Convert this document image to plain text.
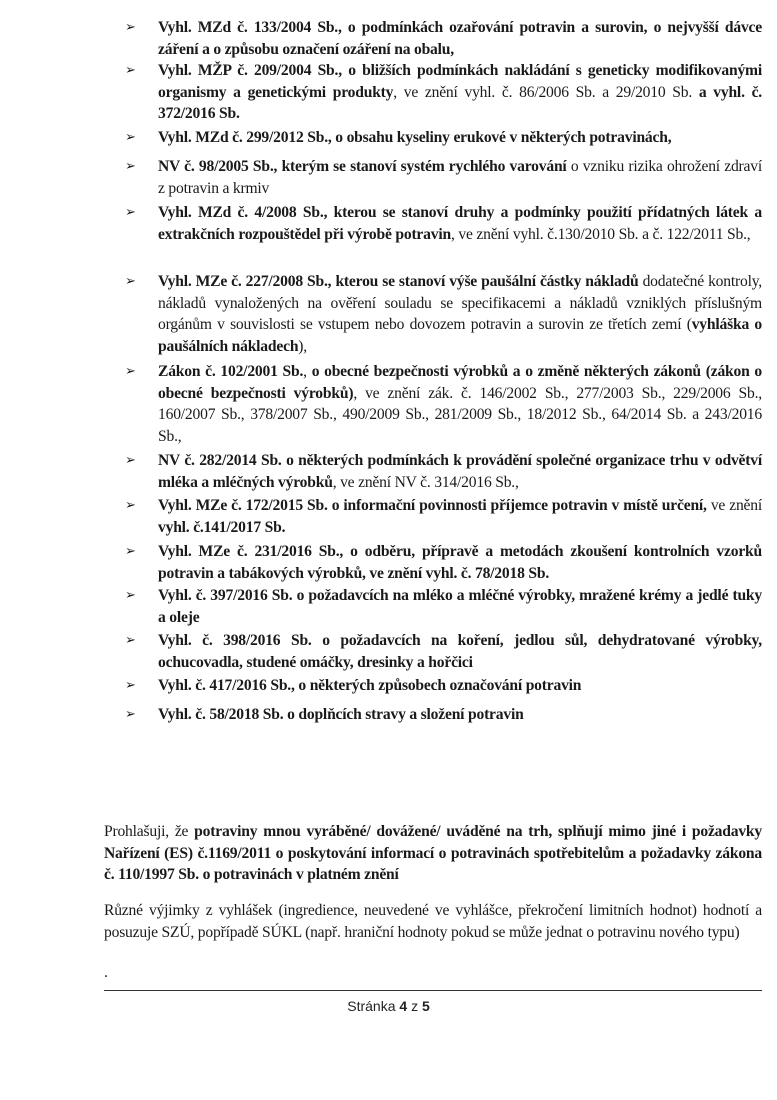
➢ Vyhl. MZd č. 133/2004 Sb., o podmínkách ozařování potravin a surovin, o nejvyšší dávce záření a o způsobu označení ozáření na obalu,
➢ Vyhl. MŽP č. 209/2004 Sb., o bližších podmínkách nakládání s geneticky modifikovanými organismy a genetickými produkty, ve znění vyhl. č. 86/2006 Sb. a 29/2010 Sb. a vyhl. č. 372/2016 Sb.
➢ Vyhl. MZd č. 299/2012 Sb., o obsahu kyseliny erukové v některých potravinách,
➢ NV č. 98/2005 Sb., kterým se stanoví systém rychlého varování o vzniku rizika ohrožení zdraví z potravin a krmiv
➢ Vyhl. MZd č. 4/2008 Sb., kterou se stanoví druhy a podmínky použití přídatných látek a extrakčních rozpouštědel při výrobě potravin, ve znění vyhl. č.130/2010 Sb. a č. 122/2011 Sb.,
➢ Vyhl. MZe č. 227/2008 Sb., kterou se stanoví výše paušální částky nákladů dodatečné kontroly, nákladů vynaložených na ověření souladu se specifikacemi a nákladů vzniklých příslušným orgánům v souvislosti se vstupem nebo dovozem potravin a surovin ze třetích zemí (vyhláška o paušálních nákladech),
➢ Zákon č. 102/2001 Sb., o obecné bezpečnosti výrobků a o změně některých zákonů (zákon o obecné bezpečnosti výrobků), ve znění zák. č. 146/2002 Sb., 277/2003 Sb., 229/2006 Sb., 160/2007 Sb., 378/2007 Sb., 490/2009 Sb., 281/2009 Sb., 18/2012 Sb., 64/2014 Sb. a 243/2016 Sb.,
➢ NV č. 282/2014 Sb. o některých podmínkách k provádění společné organizace trhu v odvětví mléka a mléčných výrobků, ve znění NV č. 314/2016 Sb.,
➢ Vyhl. MZe č. 172/2015 Sb. o informační povinnosti příjemce potravin v místě určení, ve znění vyhl. č.141/2017 Sb.
➢ Vyhl. MZe č. 231/2016 Sb., o odběru, přípravě a metodách zkoušení kontrolních vzorků potravin a tabákových výrobků, ve znění vyhl. č. 78/2018 Sb.
➢ Vyhl. č. 397/2016 Sb. o požadavcích na mléko a mléčné výrobky, mražené krémy a jedlé tuky a oleje
➢ Vyhl. č. 398/2016 Sb. o požadavcích na koření, jedlou sůl, dehydratované výrobky, ochucovadla, studené omáčky, dresinky a hořčici
➢ Vyhl. č. 417/2016 Sb., o některých způsobech označování potravin
➢ Vyhl. č. 58/2018 Sb. o doplňcích stravy a složení potravin
Prohlašuji, že potraviny mnou vyráběné/ dovážené/ uváděné na trh, splňují mimo jiné i požadavky Nařízení (ES) č.1169/2011 o poskytování informací o potravinách spotřebitelům a požadavky zákona č. 110/1997 Sb. o potravinách v platném znění
Různé výjimky z vyhlášek (ingredience, neuvedené ve vyhlášce, překročení limitních hodnot) hodnotí a posuzuje SZÚ, popřípadě SÚKL (např. hraniční hodnoty pokud se může jednat o potravinu nového typu)
.
Stránka 4 z 5
